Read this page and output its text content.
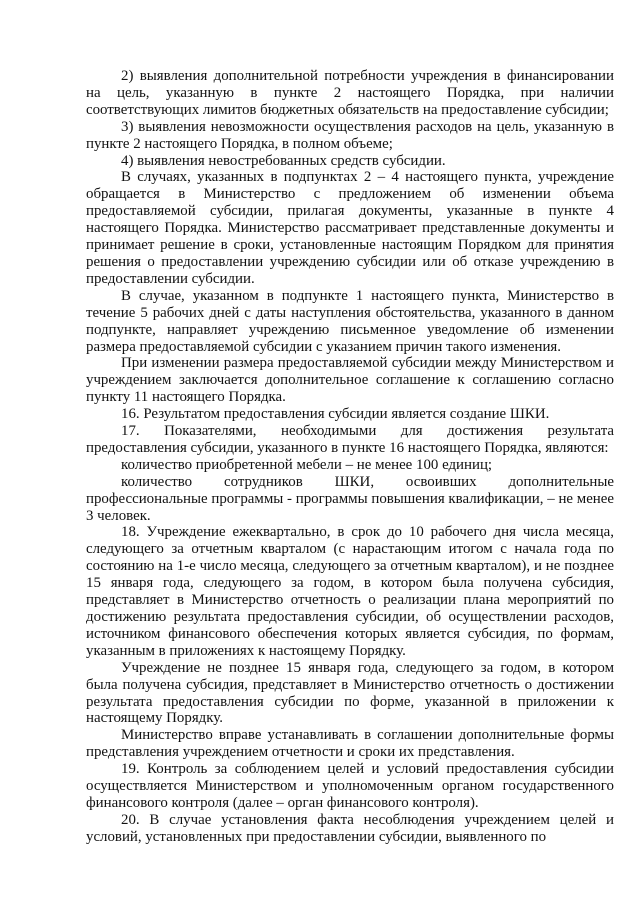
2) выявления дополнительной потребности учреждения в финансировании на цель, указанную в пункте 2 настоящего Порядка, при наличии соответствующих лимитов бюджетных обязательств на предоставление субсидии;

3) выявления невозможности осуществления расходов на цель, указанную в пункте 2 настоящего Порядка, в полном объеме;

4) выявления невостребованных средств субсидии.

В случаях, указанных в подпунктах 2 – 4 настоящего пункта, учреждение обращается в Министерство с предложением об изменении объема предоставляемой субсидии, прилагая документы, указанные в пункте 4 настоящего Порядка. Министерство рассматривает представленные документы и принимает решение в сроки, установленные настоящим Порядком для принятия решения о предоставлении учреждению субсидии или об отказе учреждению в предоставлении субсидии.

В случае, указанном в подпункте 1 настоящего пункта, Министерство в течение 5 рабочих дней с даты наступления обстоятельства, указанного в данном подпункте, направляет учреждению письменное уведомление об изменении размера предоставляемой субсидии с указанием причин такого изменения.

При изменении размера предоставляемой субсидии между Министерством и учреждением заключается дополнительное соглашение к соглашению согласно пункту 11 настоящего Порядка.

16. Результатом предоставления субсидии является создание ШКИ.

17. Показателями, необходимыми для достижения результата предоставления субсидии, указанного в пункте 16 настоящего Порядка, являются:

количество приобретенной мебели – не менее 100 единиц;

количество сотрудников ШКИ, освоивших дополнительные профессиональные программы - программы повышения квалификации, – не менее 3 человек.

18. Учреждение ежеквартально, в срок до 10 рабочего дня числа месяца, следующего за отчетным кварталом (с нарастающим итогом с начала года по состоянию на 1-е число месяца, следующего за отчетным кварталом), и не позднее 15 января года, следующего за годом, в котором была получена субсидия, представляет в Министерство отчетность о реализации плана мероприятий по достижению результата предоставления субсидии, об осуществлении расходов, источником финансового обеспечения которых является субсидия, по формам, указанным в приложениях к настоящему Порядку.

Учреждение не позднее 15 января года, следующего за годом, в котором была получена субсидия, представляет в Министерство отчетность о достижении результата предоставления субсидии по форме, указанной в приложении к настоящему Порядку.

Министерство вправе устанавливать в соглашении дополнительные формы представления учреждением отчетности и сроки их представления.

19. Контроль за соблюдением целей и условий предоставления субсидии осуществляется Министерством и уполномоченным органом государственного финансового контроля (далее – орган финансового контроля).

20. В случае установления факта несоблюдения учреждением целей и условий, установленных при предоставлении субсидии, выявленного по
